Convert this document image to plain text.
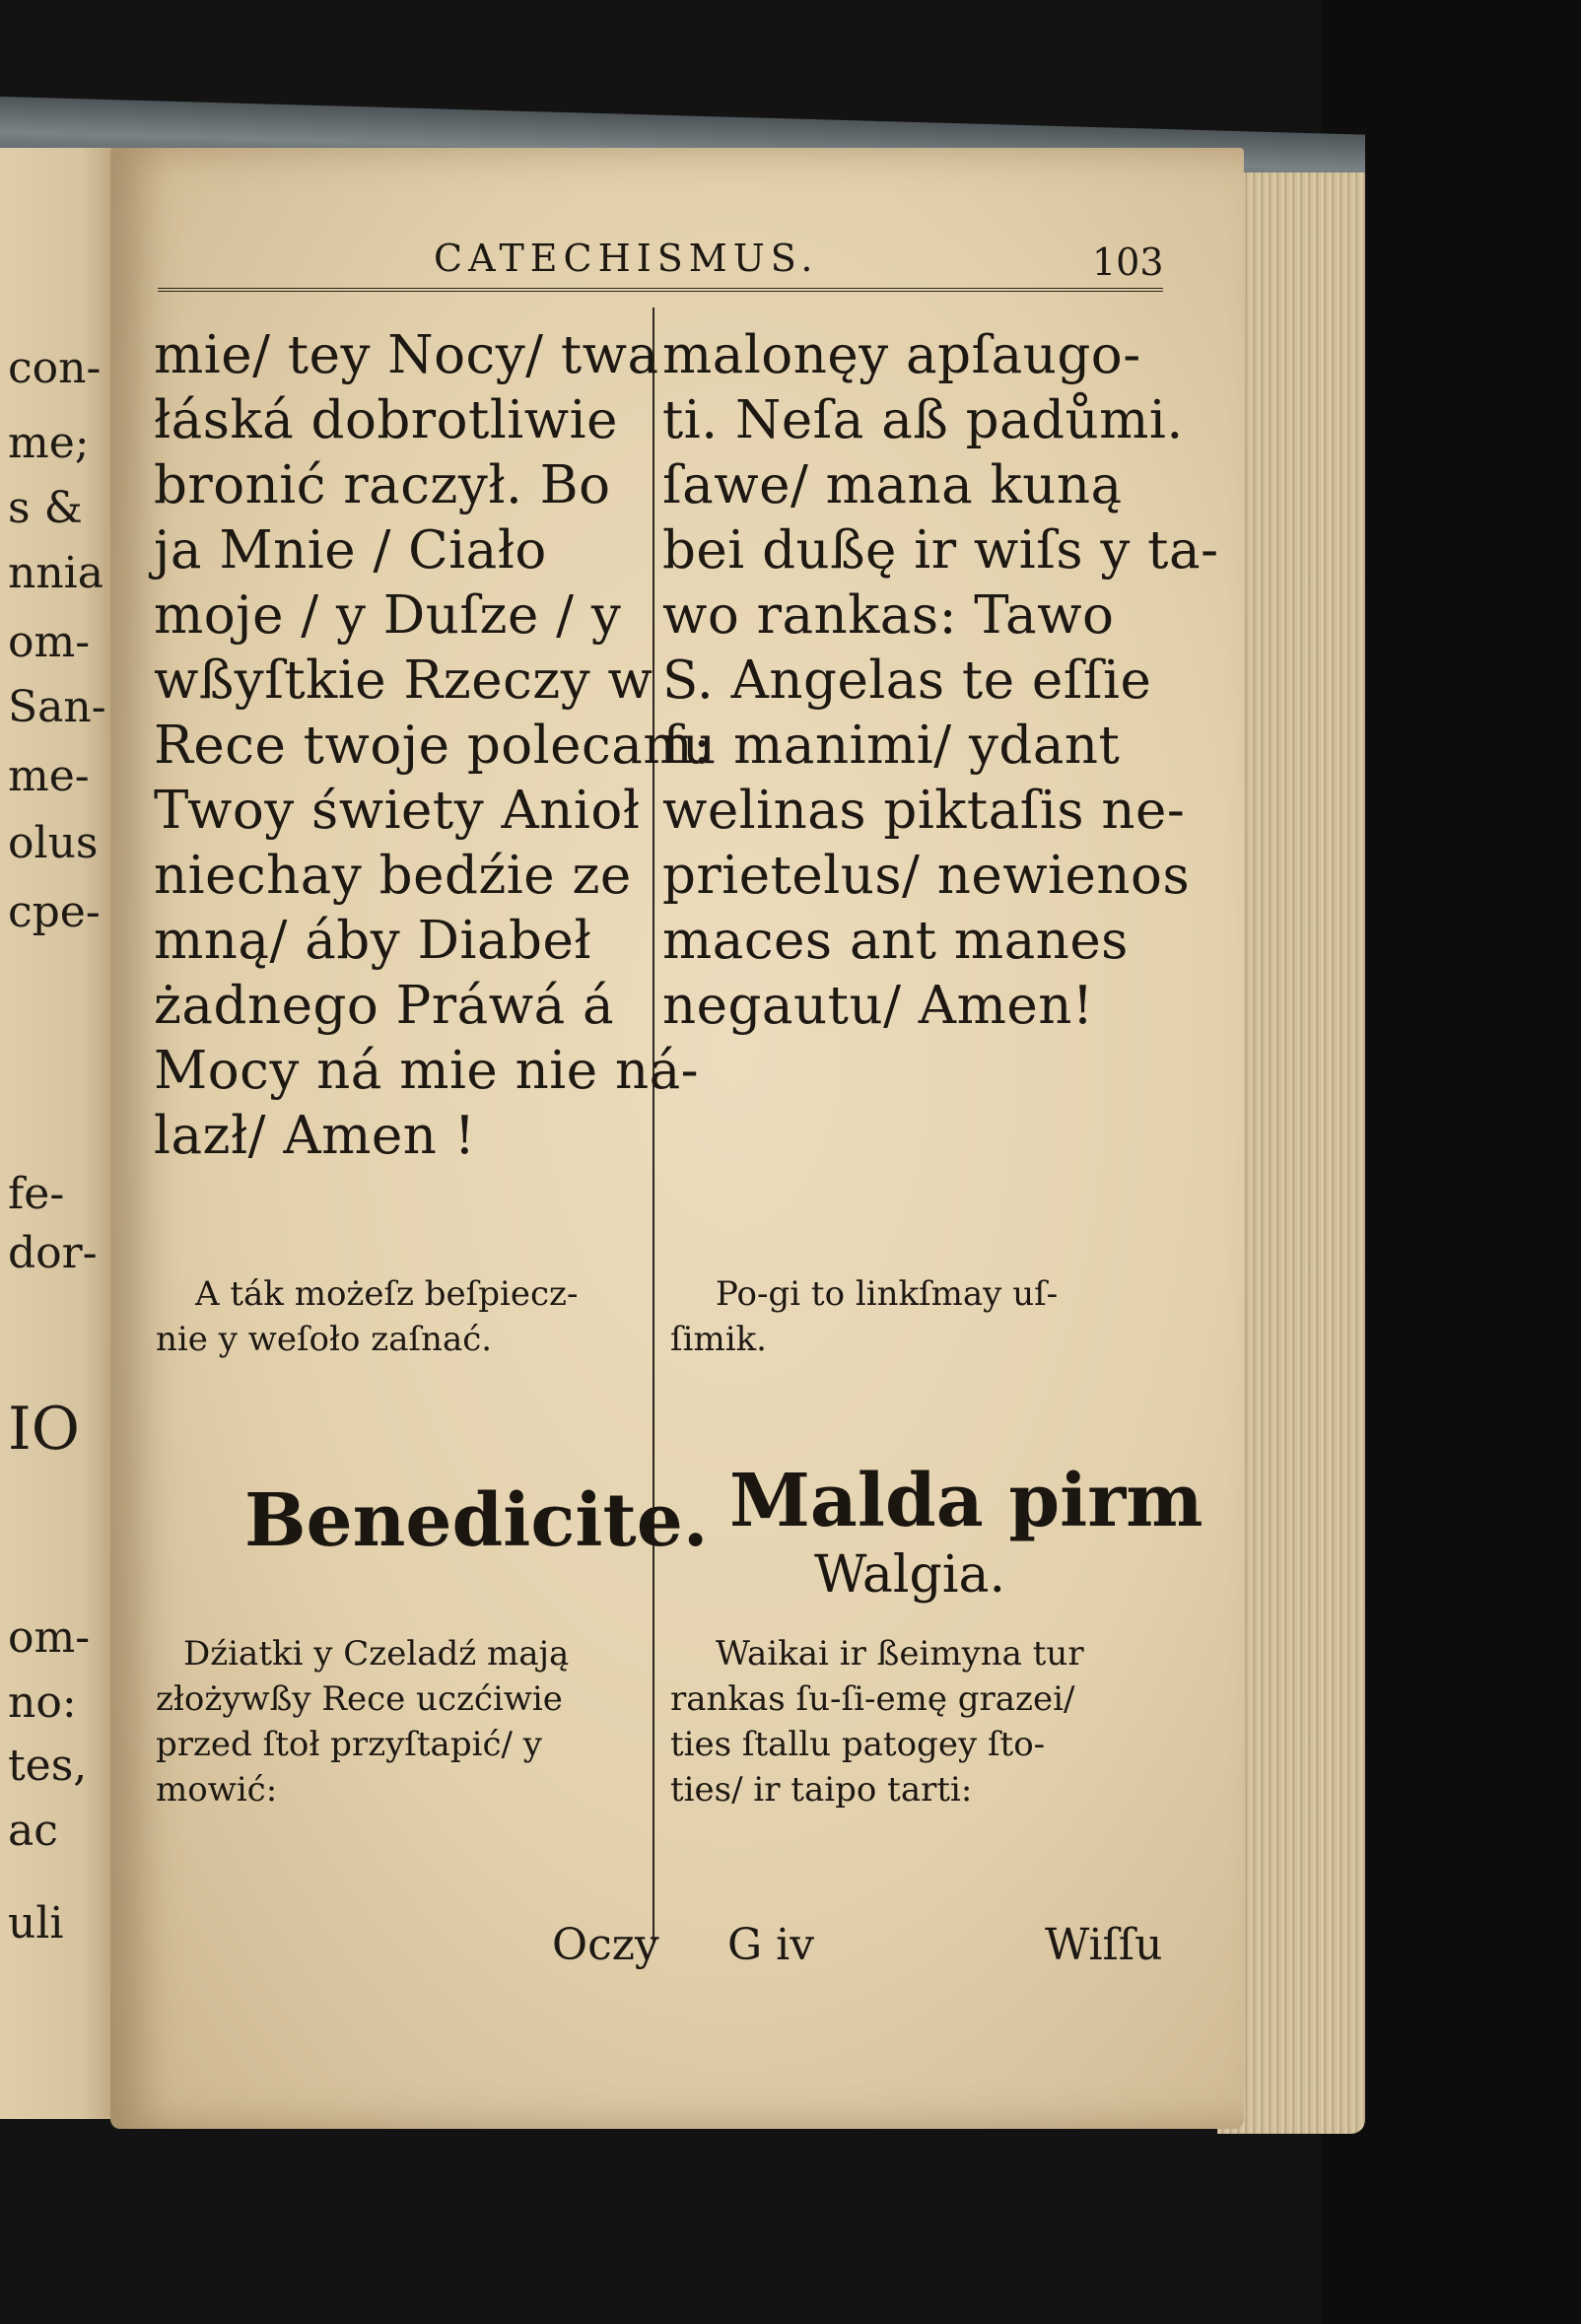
con-
me;
s &
nnia
om-
San-
me-
olus
cpe-
fe-
dor-
IO
om-
no:
tes,
ac
uli
CATECHISMUS.	103
mie/ tey Nocy/ twa
łáská dobrotliwie
bronić raczył. Bo
ja Mnie / Ciało
moje / y Duſze / y
wßyſtkie Rzeczy w
Rece twoje polecam:
Twoy świety Anioł
niechay bedźie ze
mną/ áby Diabeł
żadnego Práwá á
Mocy ná mie nie ná-
lazł/ Amen !
A ták możeſz beſpiecz-
nie y weſoło zaſnać.
Benedicite.
Dźiatki y Czeladź mają
złożywßy Rece uczćiwie
przed ſtoł przyſtapić/ y
mowić:
malonęy apſaugo-
ti. Neſa aß padůmi.
ſawe/ mana kuną
bei dußę ir wiſs y ta-
wo rankas: Tawo
S. Angelas te eſſie
ſu manimi/ ydant
welinas piktaſis ne-
prietelus/ newienos
maces ant manes
negautu/ Amen!
Po-gi to linkſmay uſ-
ſimik.
Malda pirm
Walgia.
Waikai ir ßeimyna tur
rankas ſu-ſi-emę grazei/
ties ſtallu patogey ſto-
ties/ ir taipo tarti:
Oczy G iv	Wiſſu
